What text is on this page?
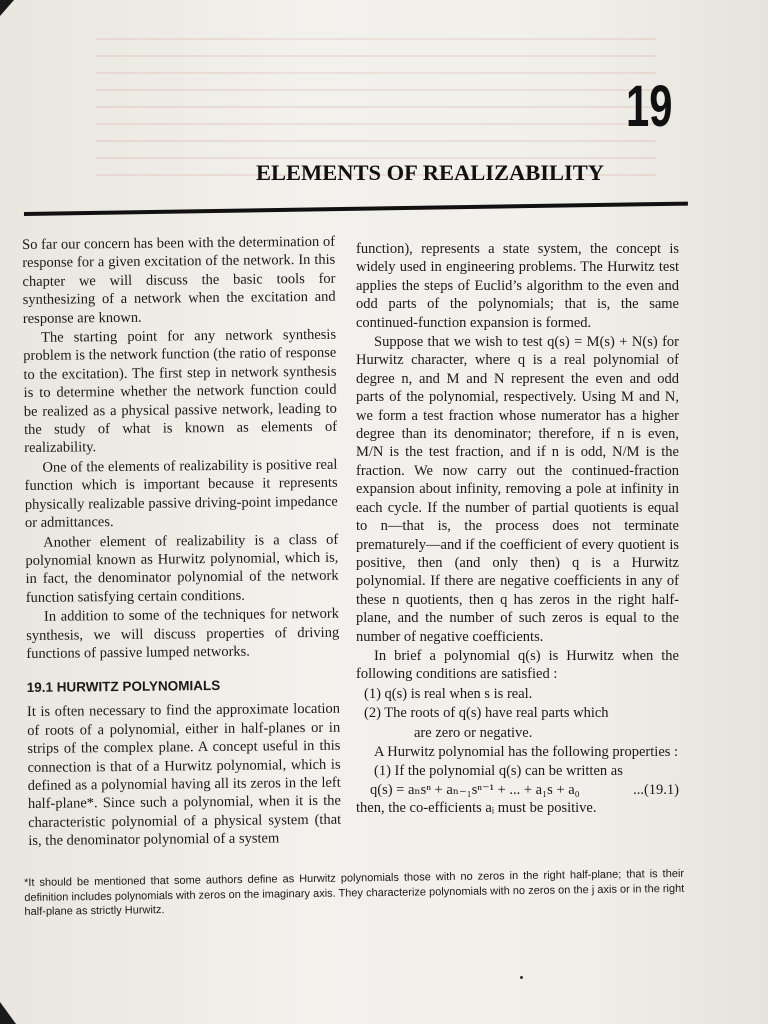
19
ELEMENTS OF REALIZABILITY

So far our concern has been with the determination of response for a given excitation of the network. In this chapter we will discuss the basic tools for synthesizing of a network when the excitation and response are known.

The starting point for any network synthesis problem is the network function (the ratio of response to the excitation). The first step in network synthesis is to determine whether the network function could be realized as a physical passive network, leading to the study of what is known as elements of realizability.

One of the elements of realizability is positive real function which is important because it represents physically realizable passive driving-point impedance or admittances.

Another element of realizability is a class of polynomial known as Hurwitz polynomial, which is, in fact, the denominator polynomial of the network function satisfying certain conditions.

In addition to some of the techniques for network synthesis, we will discuss properties of driving functions of passive lumped networks.

19.1 HURWITZ POLYNOMIALS

It is often necessary to find the approximate location of roots of a polynomial, either in half-planes or in strips of the complex plane. A concept useful in this connection is that of a Hurwitz polynomial, which is defined as a polynomial having all its zeros in the left half-plane*. Since such a polynomial, when it is the characteristic polynomial of a physical system (that is, the denominator polynomial of a system

function), represents a state system, the concept is widely used in engineering problems. The Hurwitz test applies the steps of Euclid’s algorithm to the even and odd parts of the polynomials; that is, the same continued-function expansion is formed.

Suppose that we wish to test q(s) = M(s) + N(s) for Hurwitz character, where q is a real polynomial of degree n, and M and N represent the even and odd parts of the polynomial, respectively. Using M and N, we form a test fraction whose numerator has a higher degree than its denominator; therefore, if n is even, M/N is the test fraction, and if n is odd, N/M is the fraction. We now carry out the continued-fraction expansion about infinity, removing a pole at infinity in each cycle. If the number of partial quotients is equal to n—that is, the process does not terminate prematurely—and if the coefficient of every quotient is positive, then (and only then) q is a Hurwitz polynomial. If there are negative coefficients in any of these n quotients, then q has zeros in the right half-plane, and the number of such zeros is equal to the number of negative coefficients.

In brief a polynomial q(s) is Hurwitz when the following conditions are satisfied :

(1) q(s) is real when s is real.

(2) The roots of q(s) have real parts which

are zero or negative.

A Hurwitz polynomial has the following properties :

(1) If the polynomial q(s) can be written as

q(s) = aₙsⁿ + aₙ₋₁sⁿ⁻¹ + ... + a₁s + a₀	...(19.1)

then, the co-efficients aᵢ must be positive.

*It should be mentioned that some authors define as Hurwitz polynomials those with no zeros in the right half-plane; that is their definition includes polynomials with zeros on the imaginary axis. They characterize polynomials with no zeros on the j axis or in the right half-plane as strictly Hurwitz.
